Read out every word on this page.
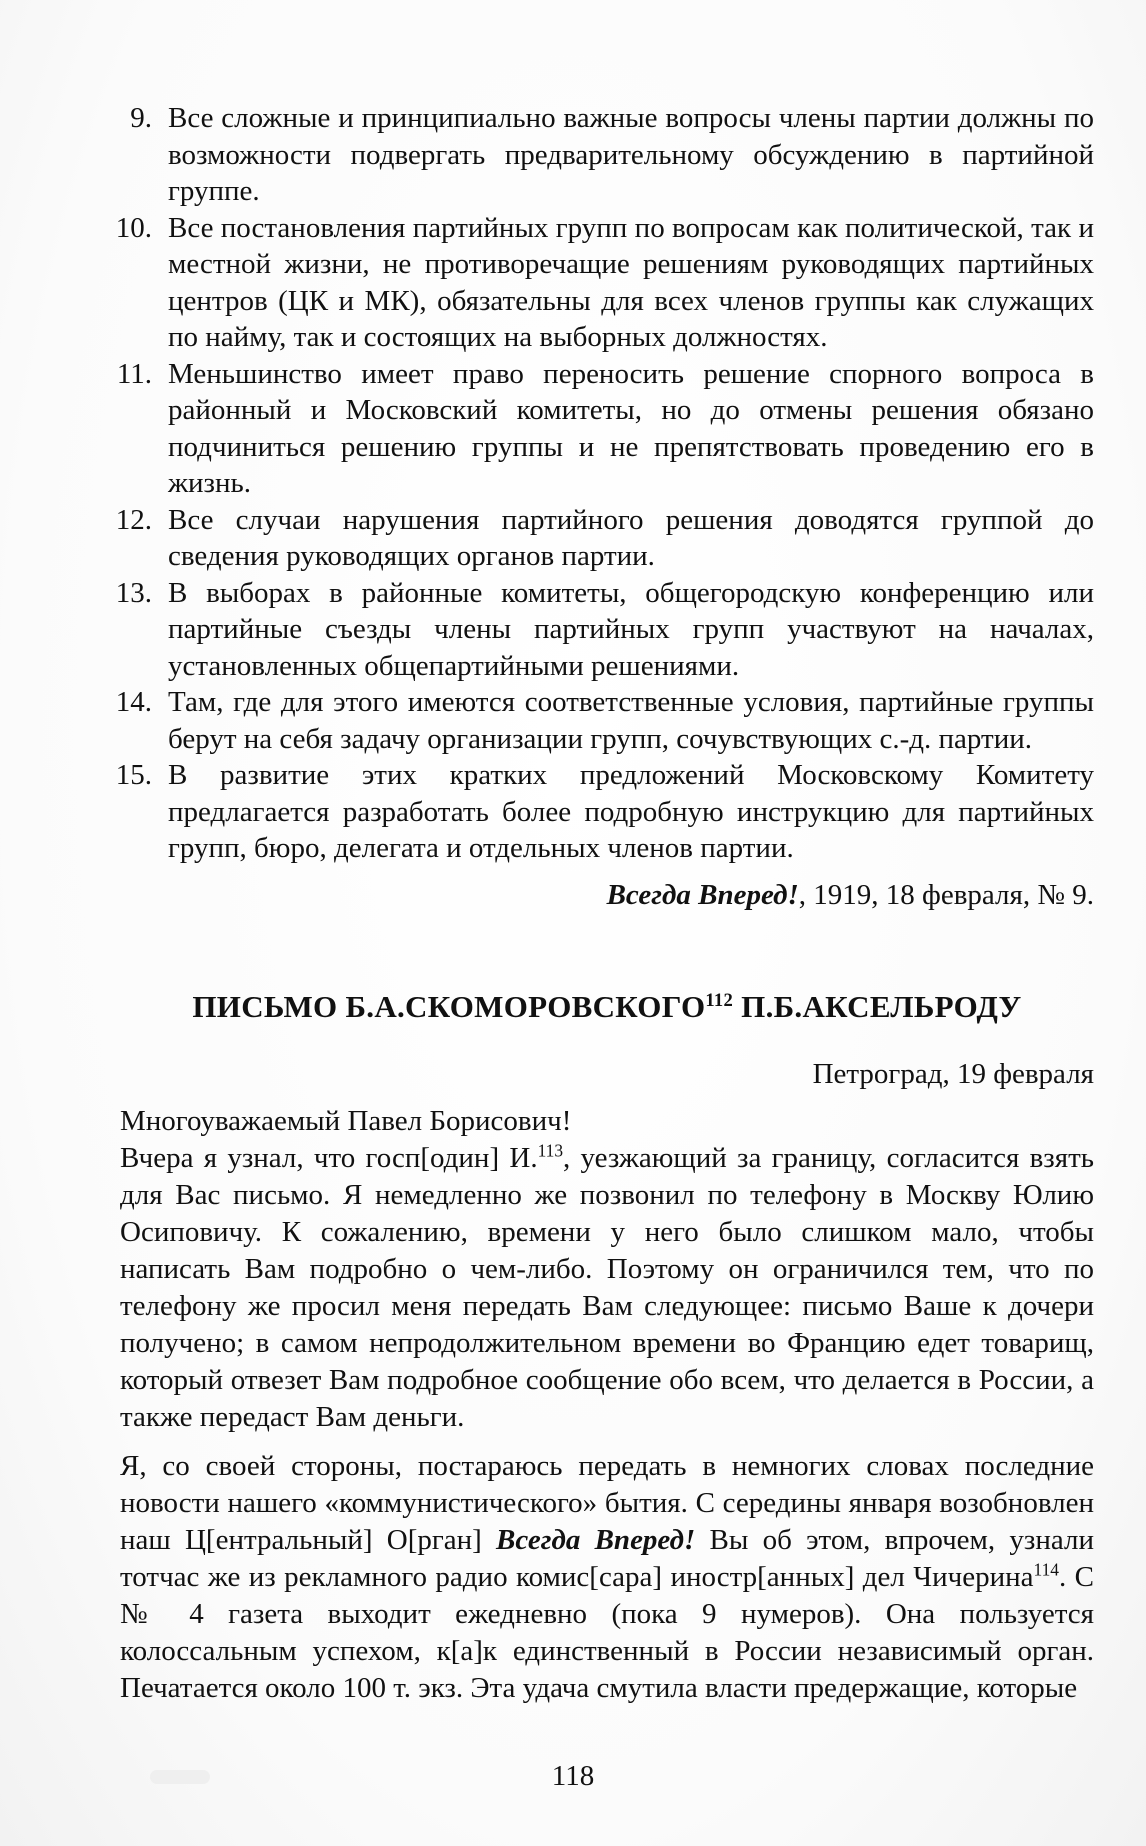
9. Все сложные и принципиально важные вопросы члены партии должны по возможности подвергать предварительному обсуждению в партийной группе.
10. Все постановления партийных групп по вопросам как политической, так и местной жизни, не противоречащие решениям руководящих партийных центров (ЦК и МК), обязательны для всех членов группы как служащих по найму, так и состоящих на выборных должностях.
11. Меньшинство имеет право переносить решение спорного вопроса в районный и Московский комитеты, но до отмены решения обязано подчиниться решению группы и не препятствовать проведению его в жизнь.
12. Все случаи нарушения партийного решения доводятся группой до сведения руководящих органов партии.
13. В выборах в районные комитеты, общегородскую конференцию или партийные съезды члены партийных групп участвуют на началах, установленных общепартийными решениями.
14. Там, где для этого имеются соответственные условия, партийные группы берут на себя задачу организации групп, сочувствующих с.-д. партии.
15. В развитие этих кратких предложений Московскому Комитету предлагается разработать более подробную инструкцию для партийных групп, бюро, делегата и отдельных членов партии.
Всегда Вперед!, 1919, 18 февраля, № 9.
ПИСЬМО Б.А.СКОМОРОВСКОГО$^{112}$ П.Б.АКСЕЛЬРОДУ
Петроград, 19 февраля
Многоуважаемый Павел Борисович!

Вчера я узнал, что госп[один] И.$^{113}$, уезжающий за границу, согласится взять для Вас письмо. Я немедленно же позвонил по телефону в Москву Юлию Осиповичу. К сожалению, времени у него было слишком мало, чтобы написать Вам подробно о чем-либо. Поэтому он ограничился тем, что по телефону же просил меня передать Вам следующее: письмо Ваше к дочери получено; в самом непродолжительном времени во Францию едет товарищ, который отвезет Вам подробное сообщение обо всем, что делается в России, а также передаст Вам деньги.

Я, со своей стороны, постараюсь передать в немногих словах последние новости нашего «коммунистического» бытия. С середины января возобновлен наш Ц[ентральный] О[рган] Всегда Вперед! Вы об этом, впрочем, узнали тотчас же из рекламного радио комис[сара] иностр[анных] дел Чичерина$^{114}$. С № 4 газета выходит ежедневно (пока 9 нумеров). Она пользуется колоссальным успехом, к[а]к единственный в России независимый орган. Печатается около 100 т. экз. Эта удача смутила власти предержащие, которые

118
